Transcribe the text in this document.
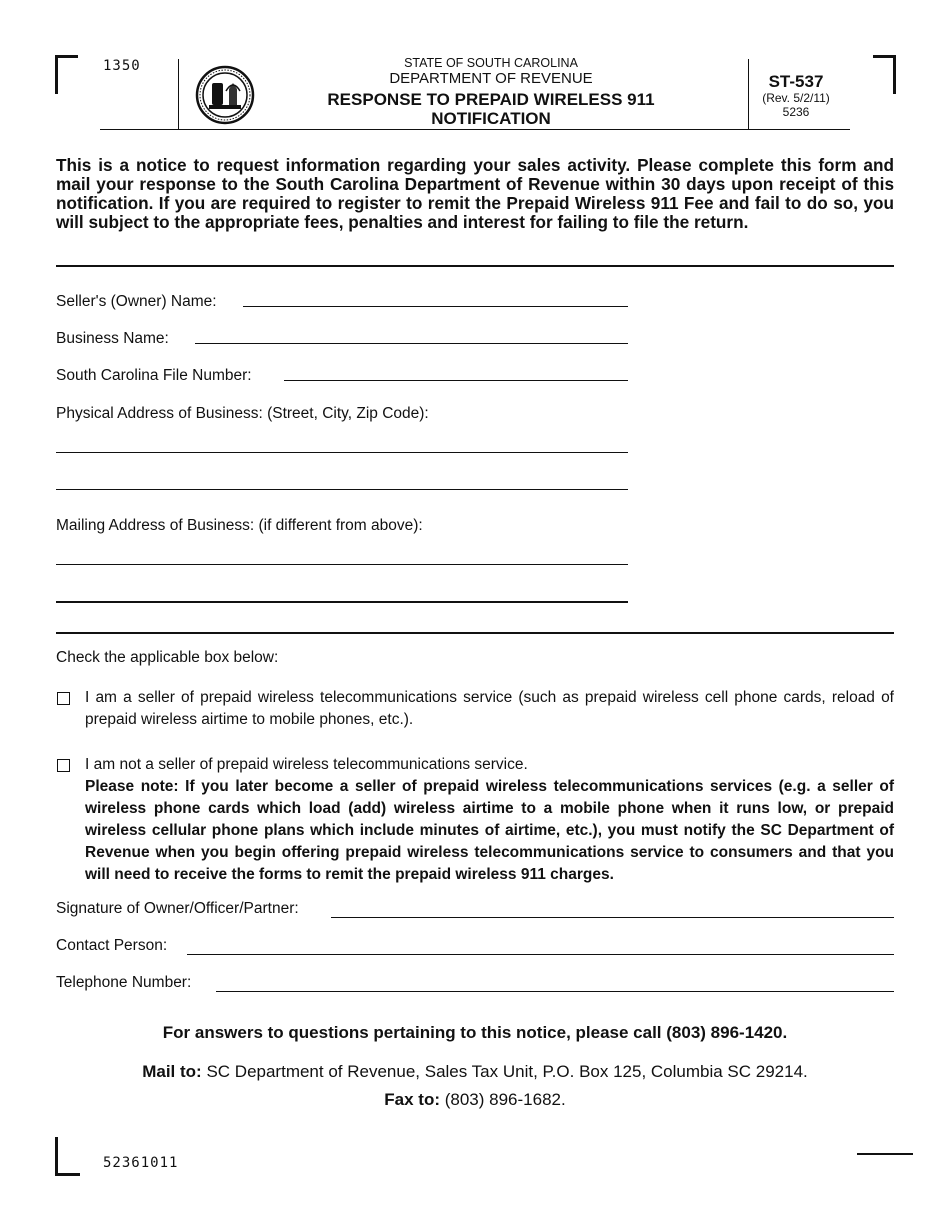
1350	STATE OF SOUTH CAROLINA
DEPARTMENT OF REVENUE
RESPONSE TO PREPAID WIRELESS 911
NOTIFICATION
ST-537
(Rev. 5/2/11)
5236
This is a notice to request information regarding your sales activity. Please complete this form and mail your response to the South Carolina Department of Revenue within 30 days upon receipt of this notification. If you are required to register to remit the Prepaid Wireless 911 Fee and fail to do so, you will subject to the appropriate fees, penalties and interest for failing to file the return.
Seller's (Owner) Name:
Business Name:
South Carolina File Number:
Physical Address of Business: (Street, City, Zip Code):
Mailing Address of Business: (if different from above):
Check the applicable box below:
I am a seller of prepaid wireless telecommunications service (such as prepaid wireless cell phone cards, reload of prepaid wireless airtime to mobile phones, etc.).
I am not a seller of prepaid wireless telecommunications service.
Please note: If you later become a seller of prepaid wireless telecommunications services (e.g. a seller of wireless phone cards which load (add) wireless airtime to a mobile phone when it runs low, or prepaid wireless cellular phone plans which include minutes of airtime, etc.), you must notify the SC Department of Revenue when you begin offering prepaid wireless telecommunications service to consumers and that you will need to receive the forms to remit the prepaid wireless 911 charges.
Signature of Owner/Officer/Partner:
Contact Person:
Telephone Number:
For answers to questions pertaining to this notice, please call (803) 896-1420.
Mail to: SC Department of Revenue, Sales Tax Unit, P.O. Box 125, Columbia SC 29214.
Fax to: (803) 896-1682.
52361011
